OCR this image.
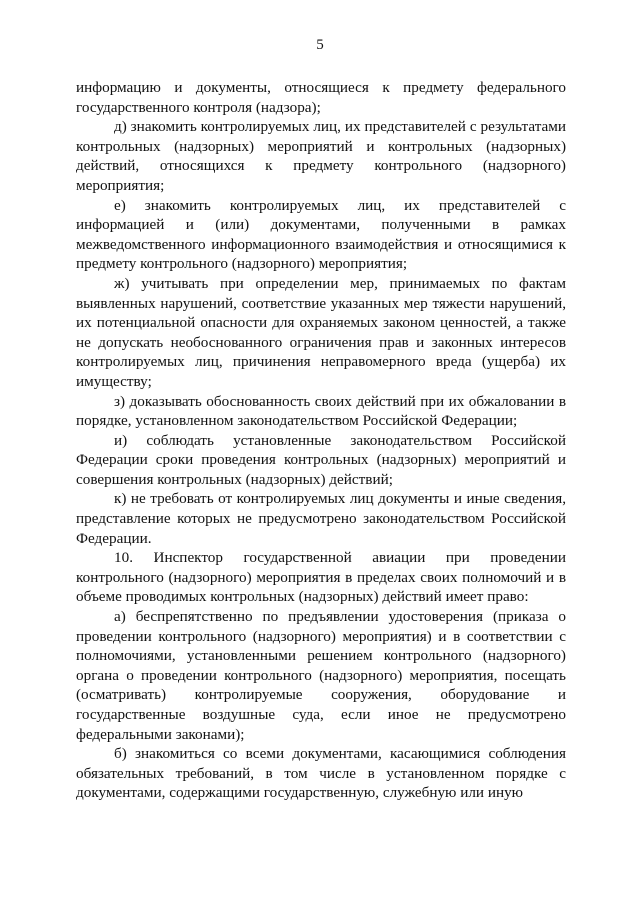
5

информацию и документы, относящиеся к предмету федерального государственного контроля (надзора);

д) знакомить контролируемых лиц, их представителей с результатами контрольных (надзорных) мероприятий и контрольных (надзорных) действий, относящихся к предмету контрольного (надзорного) мероприятия;

е) знакомить контролируемых лиц, их представителей с информацией и (или) документами, полученными в рамках межведомственного информационного взаимодействия и относящимися к предмету контрольного (надзорного) мероприятия;

ж) учитывать при определении мер, принимаемых по фактам выявленных нарушений, соответствие указанных мер тяжести нарушений, их потенциальной опасности для охраняемых законом ценностей, а также не допускать необоснованного ограничения прав и законных интересов контролируемых лиц, причинения неправомерного вреда (ущерба) их имуществу;

з) доказывать обоснованность своих действий при их обжаловании в порядке, установленном законодательством Российской Федерации;

и) соблюдать установленные законодательством Российской Федерации сроки проведения контрольных (надзорных) мероприятий и совершения контрольных (надзорных) действий;

к) не требовать от контролируемых лиц документы и иные сведения, представление которых не предусмотрено законодательством Российской Федерации.

10. Инспектор государственной авиации при проведении контрольного (надзорного) мероприятия в пределах своих полномочий и в объеме проводимых контрольных (надзорных) действий имеет право:

а) беспрепятственно по предъявлении удостоверения (приказа о проведении контрольного (надзорного) мероприятия) и в соответствии с полномочиями, установленными решением контрольного (надзорного) органа о проведении контрольного (надзорного) мероприятия, посещать (осматривать) контролируемые сооружения, оборудование и государственные воздушные суда, если иное не предусмотрено федеральными законами);

б) знакомиться со всеми документами, касающимися соблюдения обязательных требований, в том числе в установленном порядке с документами, содержащими государственную, служебную или иную
